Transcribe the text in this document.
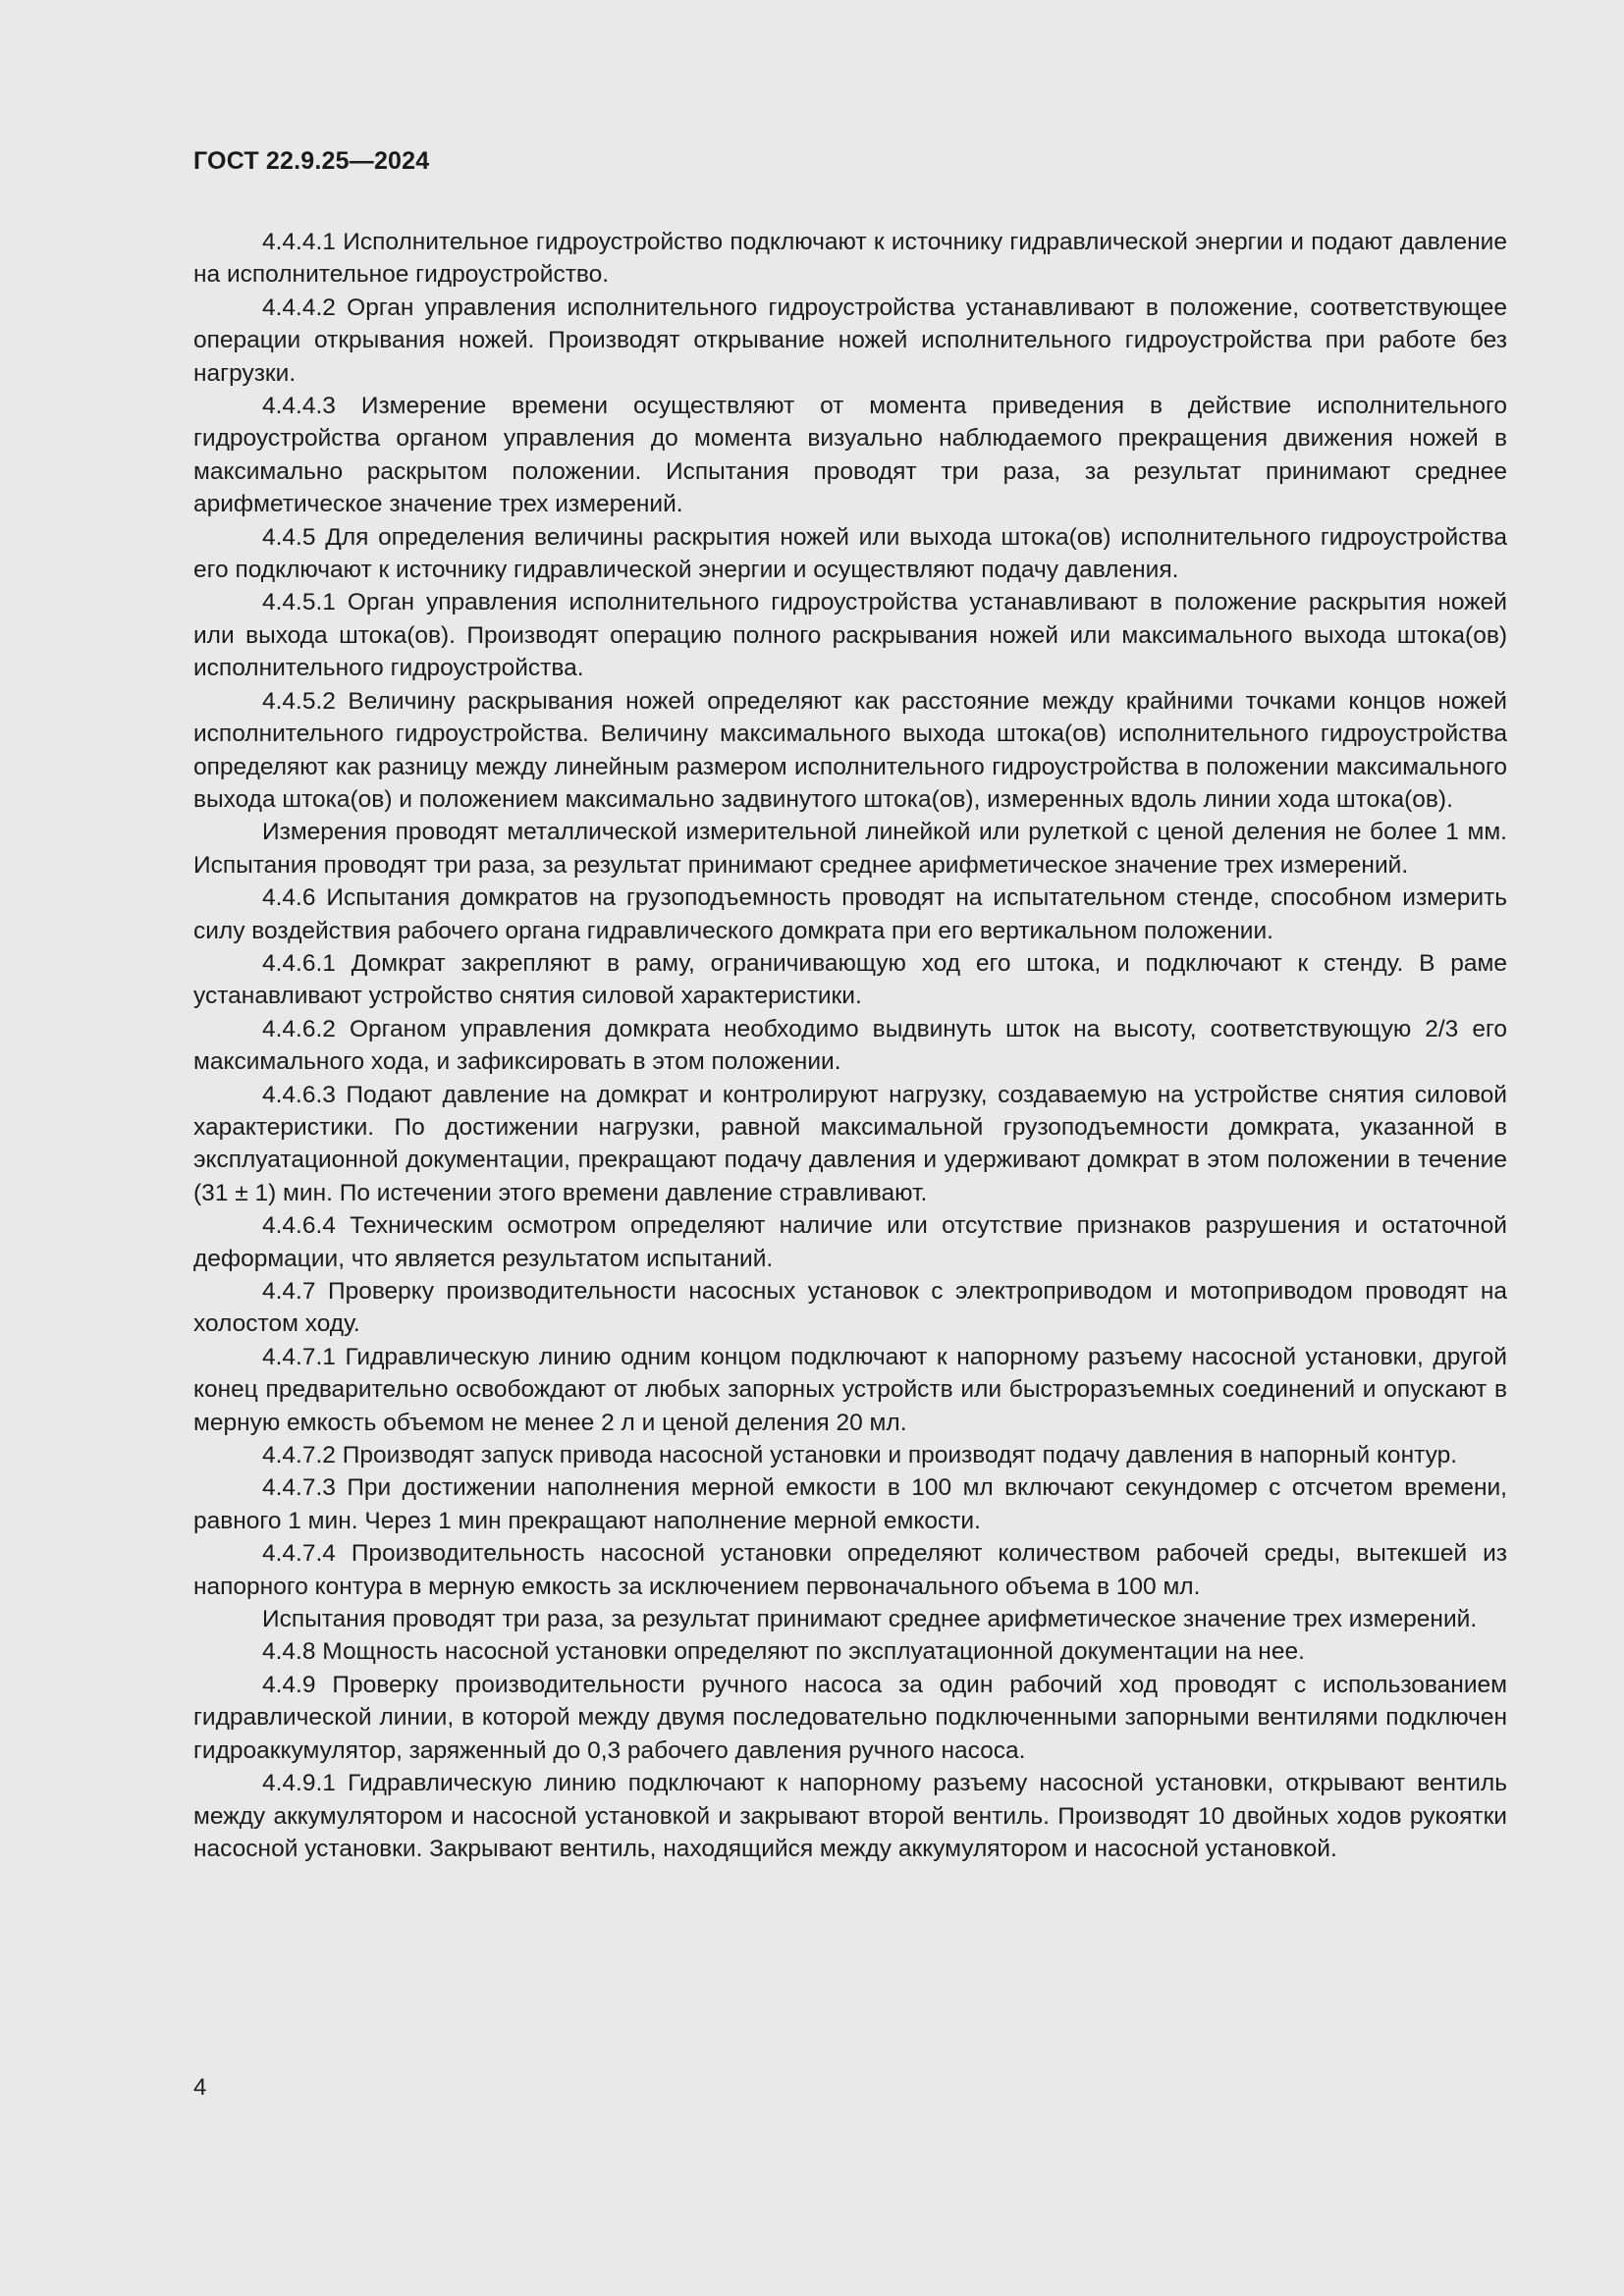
ГОСТ 22.9.25—2024

4.4.4.1 Исполнительное гидроустройство подключают к источнику гидравлической энергии и подают давление на исполнительное гидроустройство.

4.4.4.2 Орган управления исполнительного гидроустройства устанавливают в положение, соответствующее операции открывания ножей. Производят открывание ножей исполнительного гидроустройства при работе без нагрузки.

4.4.4.3 Измерение времени осуществляют от момента приведения в действие исполнительного гидроустройства органом управления до момента визуально наблюдаемого прекращения движения ножей в максимально раскрытом положении. Испытания проводят три раза, за результат принимают среднее арифметическое значение трех измерений.

4.4.5 Для определения величины раскрытия ножей или выхода штока(ов) исполнительного гидроустройства его подключают к источнику гидравлической энергии и осуществляют подачу давления.

4.4.5.1 Орган управления исполнительного гидроустройства устанавливают в положение раскрытия ножей или выхода штока(ов). Производят операцию полного раскрывания ножей или максимального выхода штока(ов) исполнительного гидроустройства.

4.4.5.2 Величину раскрывания ножей определяют как расстояние между крайними точками концов ножей исполнительного гидроустройства. Величину максимального выхода штока(ов) исполнительного гидроустройства определяют как разницу между линейным размером исполнительного гидроустройства в положении максимального выхода штока(ов) и положением максимально задвинутого штока(ов), измеренных вдоль линии хода штока(ов).

Измерения проводят металлической измерительной линейкой или рулеткой с ценой деления не более 1 мм. Испытания проводят три раза, за результат принимают среднее арифметическое значение трех измерений.

4.4.6 Испытания домкратов на грузоподъемность проводят на испытательном стенде, способном измерить силу воздействия рабочего органа гидравлического домкрата при его вертикальном положении.

4.4.6.1 Домкрат закрепляют в раму, ограничивающую ход его штока, и подключают к стенду. В раме устанавливают устройство снятия силовой характеристики.

4.4.6.2 Органом управления домкрата необходимо выдвинуть шток на высоту, соответствующую 2/3 его максимального хода, и зафиксировать в этом положении.

4.4.6.3 Подают давление на домкрат и контролируют нагрузку, создаваемую на устройстве снятия силовой характеристики. По достижении нагрузки, равной максимальной грузоподъемности домкрата, указанной в эксплуатационной документации, прекращают подачу давления и удерживают домкрат в этом положении в течение (31 ± 1) мин. По истечении этого времени давление стравливают.

4.4.6.4 Техническим осмотром определяют наличие или отсутствие признаков разрушения и остаточной деформации, что является результатом испытаний.

4.4.7 Проверку производительности насосных установок с электроприводом и мотоприводом проводят на холостом ходу.

4.4.7.1 Гидравлическую линию одним концом подключают к напорному разъему насосной установки, другой конец предварительно освобождают от любых запорных устройств или быстроразъемных соединений и опускают в мерную емкость объемом не менее 2 л и ценой деления 20 мл.

4.4.7.2 Производят запуск привода насосной установки и производят подачу давления в напорный контур.

4.4.7.3 При достижении наполнения мерной емкости в 100 мл включают секундомер с отсчетом времени, равного 1 мин. Через 1 мин прекращают наполнение мерной емкости.

4.4.7.4 Производительность насосной установки определяют количеством рабочей среды, вытекшей из напорного контура в мерную емкость за исключением первоначального объема в 100 мл.

Испытания проводят три раза, за результат принимают среднее арифметическое значение трех измерений.

4.4.8 Мощность насосной установки определяют по эксплуатационной документации на нее.

4.4.9 Проверку производительности ручного насоса за один рабочий ход проводят с использованием гидравлической линии, в которой между двумя последовательно подключенными запорными вентилями подключен гидроаккумулятор, заряженный до 0,3 рабочего давления ручного насоса.

4.4.9.1 Гидравлическую линию подключают к напорному разъему насосной установки, открывают вентиль между аккумулятором и насосной установкой и закрывают второй вентиль. Производят 10 двойных ходов рукоятки насосной установки. Закрывают вентиль, находящийся между аккумулятором и насосной установкой.

4
